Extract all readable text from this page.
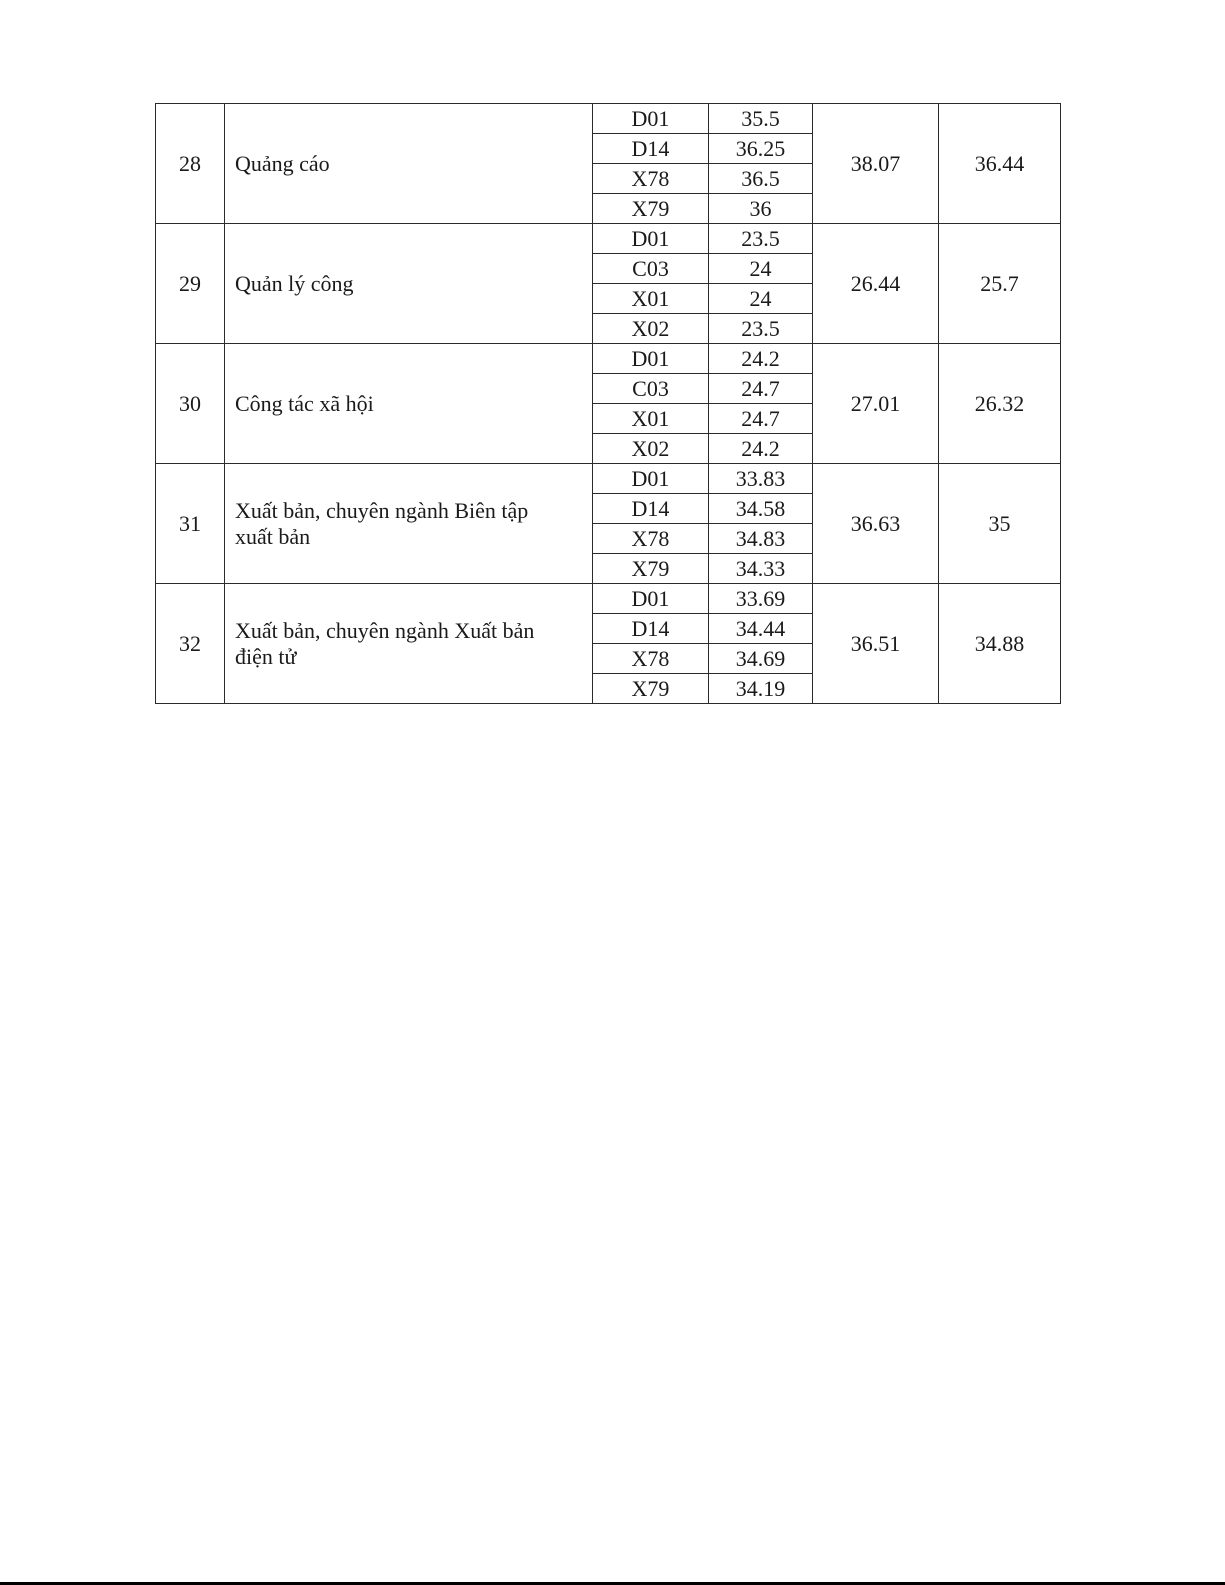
28	Quảng cáo	D01	35.5	38.07	36.44
		D14	36.25		
		X78	36.5		
		X79	36		
29	Quản lý công	D01	23.5	26.44	25.7
		C03	24		
		X01	24		
		X02	23.5		
30	Công tác xã hội	D01	24.2	27.01	26.32
		C03	24.7		
		X01	24.7		
		X02	24.2		
31	Xuất bản, chuyên ngành Biên tập xuất bản	D01	33.83	36.63	35
		D14	34.58		
		X78	34.83		
		X79	34.33		
32	Xuất bản, chuyên ngành Xuất bản điện tử	D01	33.69	36.51	34.88
		D14	34.44		
		X78	34.69		
		X79	34.19		
